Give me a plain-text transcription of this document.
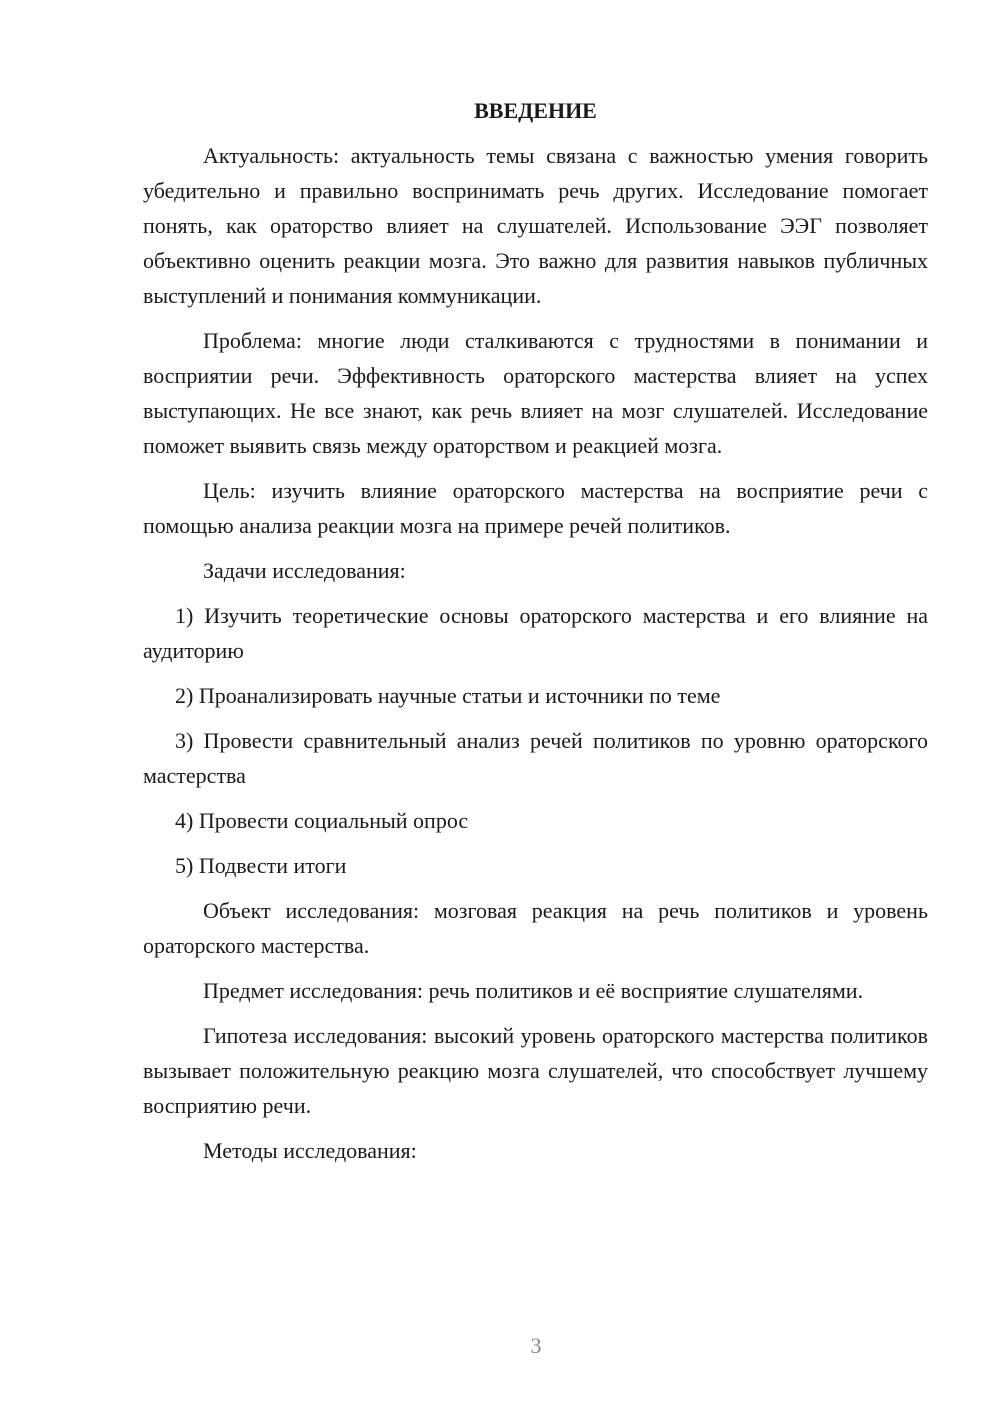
ВВЕДЕНИЕ

Актуальность: актуальность темы связана с важностью умения говорить убедительно и правильно воспринимать речь других. Исследование помогает понять, как ораторство влияет на слушателей. Использование ЭЭГ позволяет объективно оценить реакции мозга. Это важно для развития навыков публичных выступлений и понимания коммуникации.

Проблема: многие люди сталкиваются с трудностями в понимании и восприятии речи. Эффективность ораторского мастерства влияет на успех выступающих. Не все знают, как речь влияет на мозг слушателей. Исследование поможет выявить связь между ораторством и реакцией мозга.

Цель: изучить влияние ораторского мастерства на восприятие речи с помощью анализа реакции мозга на примере речей политиков.

Задачи исследования:

1) Изучить теоретические основы ораторского мастерства и его влияние на аудиторию

2) Проанализировать научные статьи и источники по теме

3) Провести сравнительный анализ речей политиков по уровню ораторского мастерства

4) Провести социальный опрос

5) Подвести итоги

Объект исследования: мозговая реакция на речь политиков и уровень ораторского мастерства.

Предмет исследования: речь политиков и её восприятие слушателями.

Гипотеза исследования: высокий уровень ораторского мастерства политиков вызывает положительную реакцию мозга слушателей, что способствует лучшему восприятию речи.

Методы исследования:

3
